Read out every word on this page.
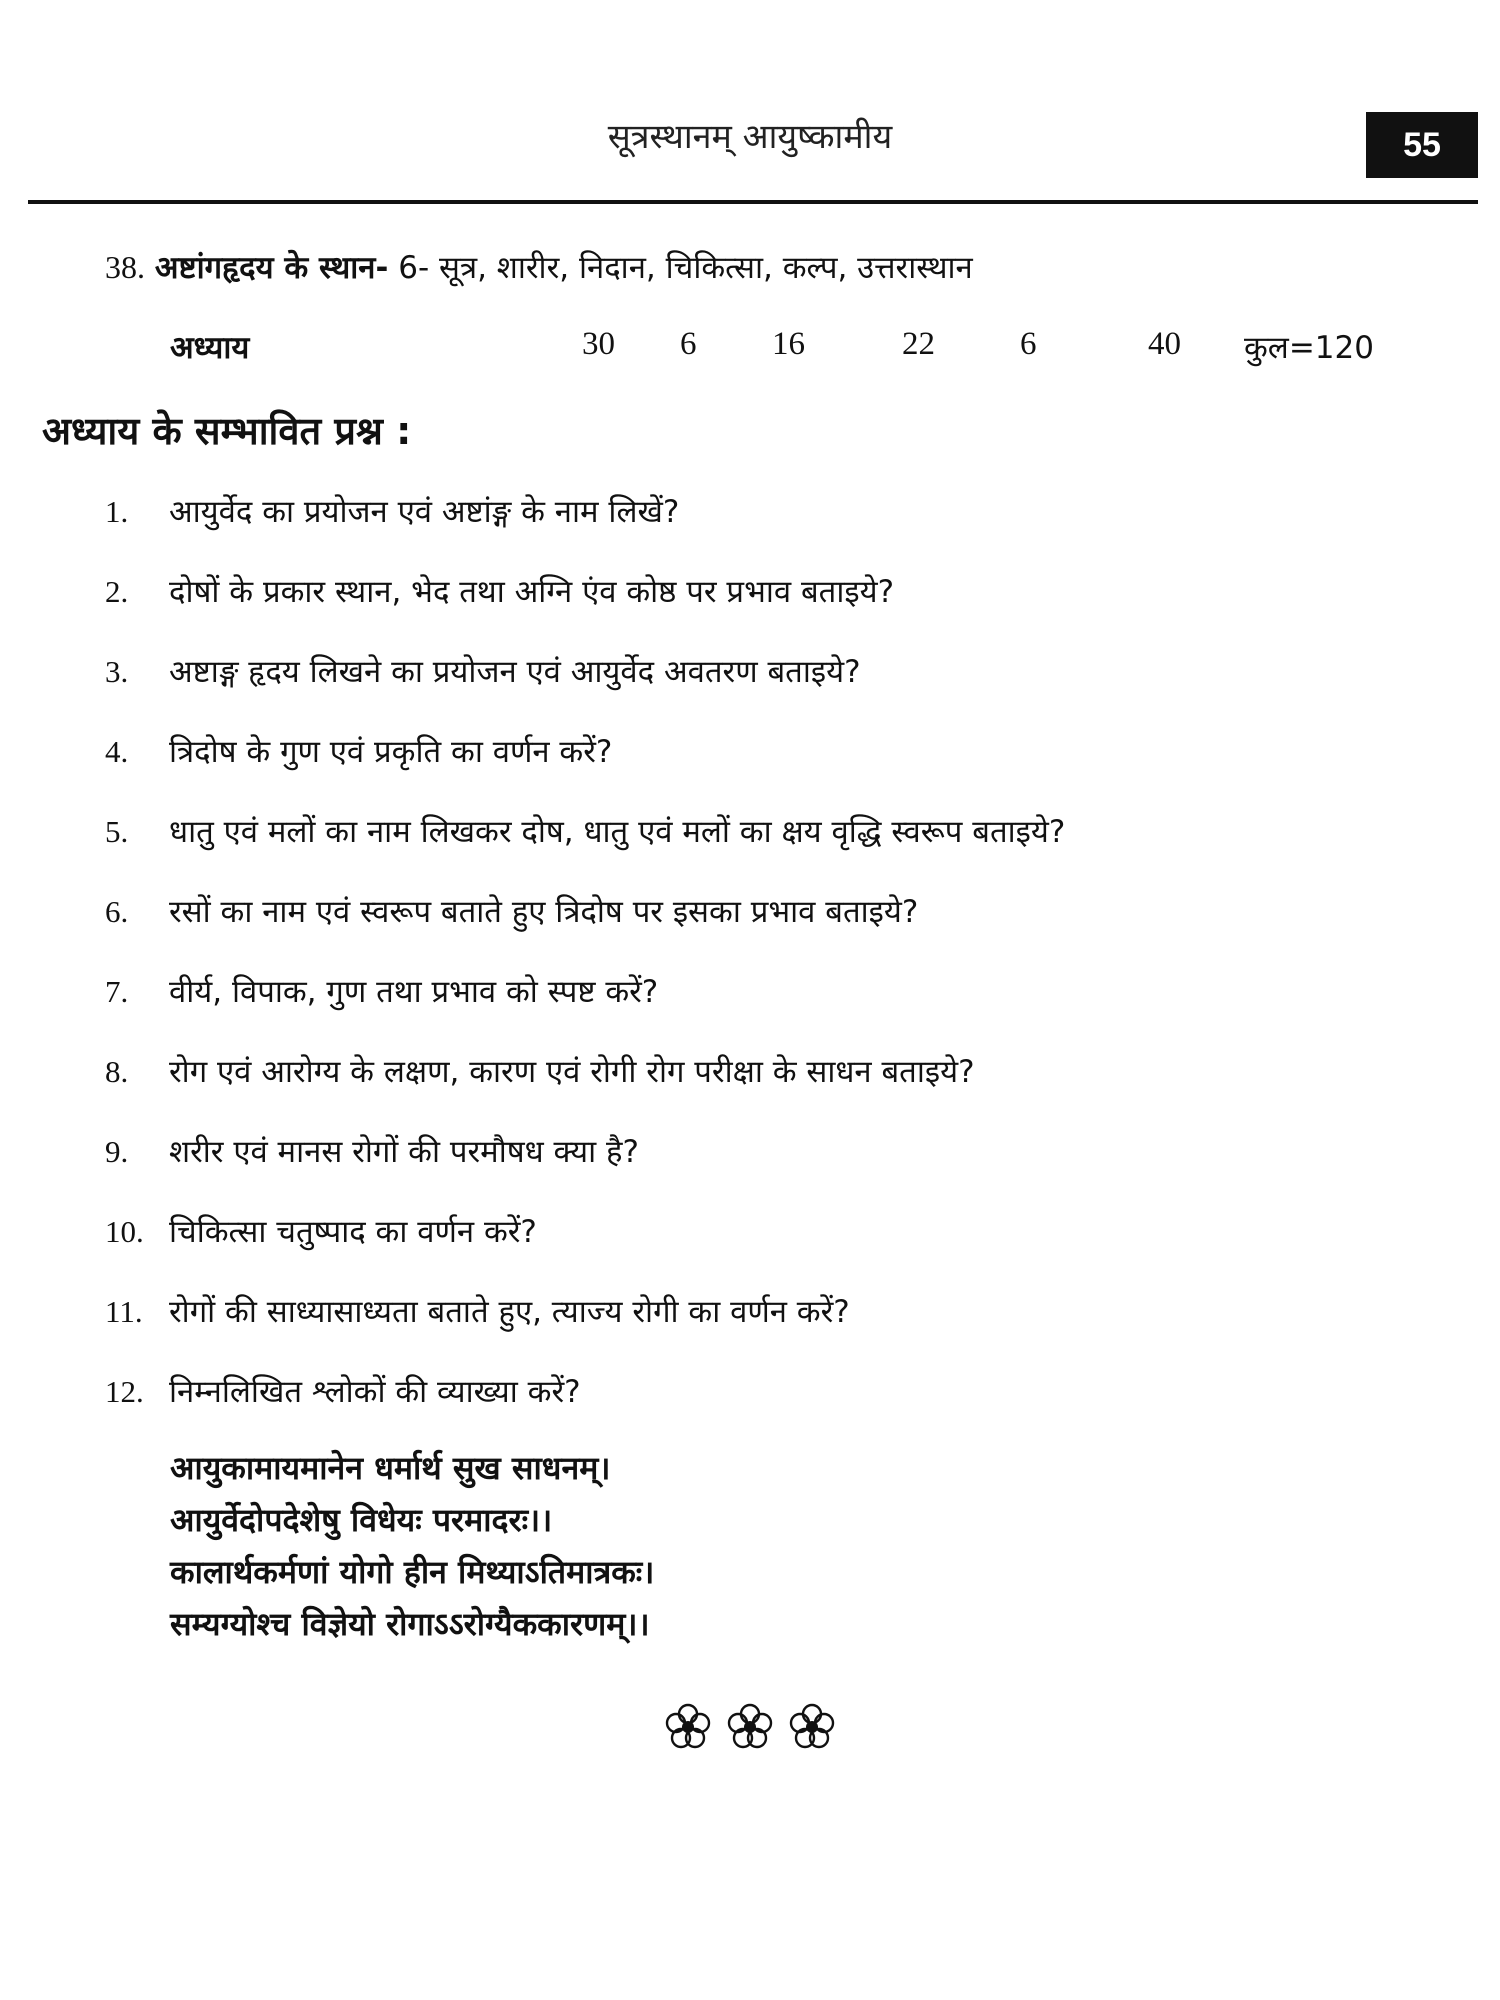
सूत्रस्थानम् आयुष्कामीय	55
38. अष्टांगहृदय के स्थान- 6- सूत्र, शारीर, निदान, चिकित्सा, कल्प, उत्तरास्थान
अध्याय	30 6 16	22	6	40 कुल=120
अध्याय के सम्भावित प्रश्न :
1. आयुर्वेद का प्रयोजन एवं अष्टांङ्ग के नाम लिखें?
2. दोषों के प्रकार स्थान, भेद तथा अग्नि एंव कोष्ठ पर प्रभाव बताइये?
3. अष्टाङ्ग हृदय लिखने का प्रयोजन एवं आयुर्वेद अवतरण बताइये?
4. त्रिदोष के गुण एवं प्रकृति का वर्णन करें?
5. धातु एवं मलों का नाम लिखकर दोष, धातु एवं मलों का क्षय वृद्धि स्वरूप बताइये?
6. रसों का नाम एवं स्वरूप बताते हुए त्रिदोष पर इसका प्रभाव बताइये?
7. वीर्य, विपाक, गुण तथा प्रभाव को स्पष्ट करें?
8. रोग एवं आरोग्य के लक्षण, कारण एवं रोगी रोग परीक्षा के साधन बताइये?
9. शरीर एवं मानस रोगों की परमौषध क्या है?
10. चिकित्सा चतुष्पाद का वर्णन करें?
11. रोगों की साध्यासाध्यता बताते हुए, त्याज्य रोगी का वर्णन करें?
12. निम्नलिखित श्लोकों की व्याख्या करें?
आयुकामायमानेन धर्मार्थ सुख साधनम्।
आयुर्वेदोपदेशेषु विधेयः परमादरः।।
कालार्थकर्मणां योगो हीन मिथ्याऽतिमात्रकः।
सम्यग्योश्च विज्ञेयो रोगाऽऽरोग्यैककारणम्।।
